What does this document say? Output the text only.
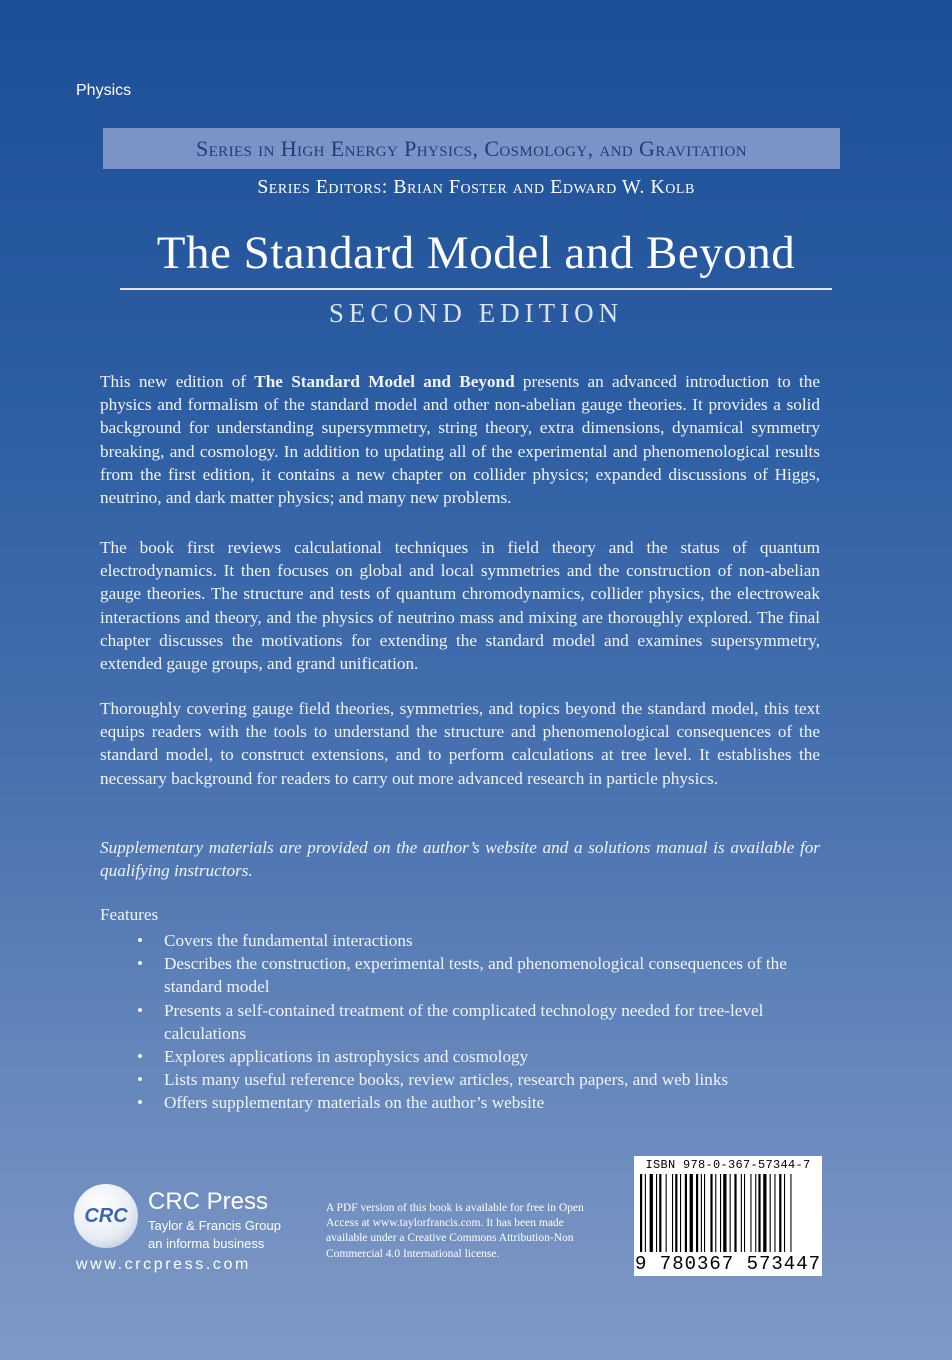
Physics
Series in High Energy Physics, Cosmology, and Gravitation
Series Editors: Brian Foster and Edward W. Kolb
The Standard Model and Beyond
SECOND EDITION
This new edition of The Standard Model and Beyond presents an advanced introduction to the physics and formalism of the standard model and other non-abelian gauge theories. It provides a solid background for understanding supersymmetry, string theory, extra dimensions, dynamical symmetry breaking, and cosmology. In addition to updating all of the experimental and phenomenological results from the first edition, it contains a new chapter on collider physics; expanded discussions of Higgs, neutrino, and dark matter physics; and many new problems.
The book first reviews calculational techniques in field theory and the status of quantum electrodynamics. It then focuses on global and local symmetries and the construction of non-abelian gauge theories. The structure and tests of quantum chromodynamics, collider physics, the electroweak interactions and theory, and the physics of neutrino mass and mixing are thoroughly explored. The final chapter discusses the motivations for extending the standard model and examines supersymmetry, extended gauge groups, and grand unification.
Thoroughly covering gauge field theories, symmetries, and topics beyond the standard model, this text equips readers with the tools to understand the structure and phenomenological consequences of the standard model, to construct extensions, and to perform calculations at tree level. It establishes the necessary background for readers to carry out more advanced research in particle physics.
Supplementary materials are provided on the author’s website and a solutions manual is available for qualifying instructors.
Features
• Covers the fundamental interactions
• Describes the construction, experimental tests, and phenomenological consequences of the standard model
• Presents a self-contained treatment of the complicated technology needed for tree-level calculations
• Explores applications in astrophysics and cosmology
• Lists many useful reference books, review articles, research papers, and web links
• Offers supplementary materials on the author’s website
CRC
CRC Press
Taylor & Francis Group
an informa business
www.crcpress.com
A PDF version of this book is available for free in Open Access at www.taylorfrancis.com. It has been made available under a Creative Commons Attribution-Non Commercial 4.0 International license.
ISBN 978-0-367-57344-7
9 780367 573447
